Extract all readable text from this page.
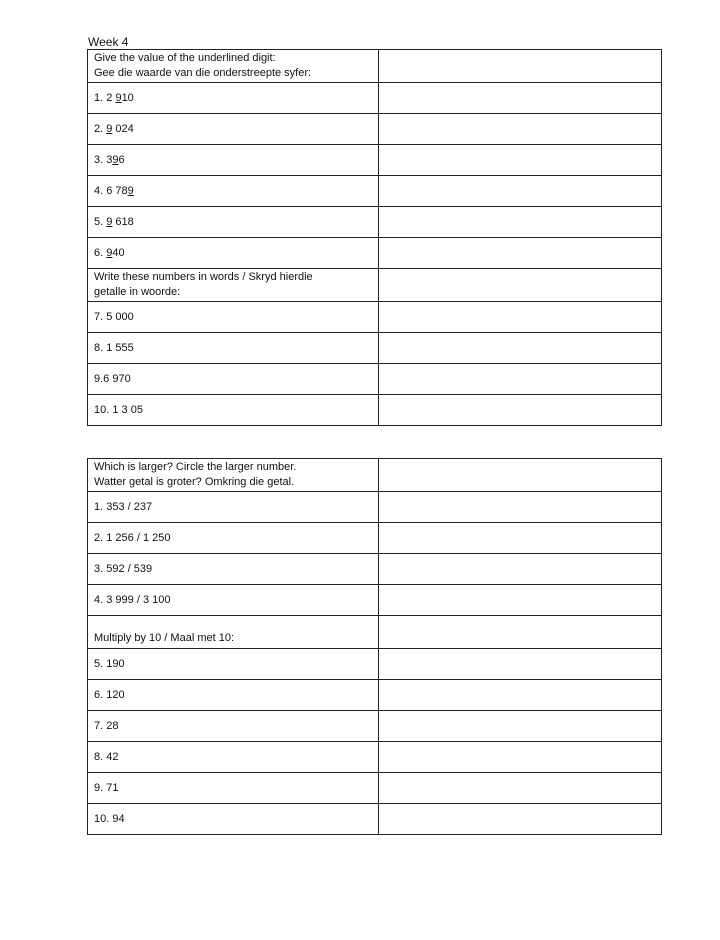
Week 4
Give the value of the underlined digit:
Gee die waarde van die onderstreepte syfer:	

1. 2 910	
2. 9 024	
3. 396	
4. 6 789	
5. 9 618	
6. 940	

Write these numbers in words / Skryd hierdie
getalle in woorde:	

7. 5 000	
8. 1 555	
9.6 970	
10. 1 3 05	
Which is larger? Circle the larger number.
Watter getal is groter? Omkring die getal.	

1. 353 / 237	
2. 1 256 / 1 250	
3. 592 / 539	
4. 3 999 / 3 100	

Multiply by 10 / Maal met 10:	

5. 190	
6. 120	
7. 28	
8. 42	
9. 71	
10. 94	
